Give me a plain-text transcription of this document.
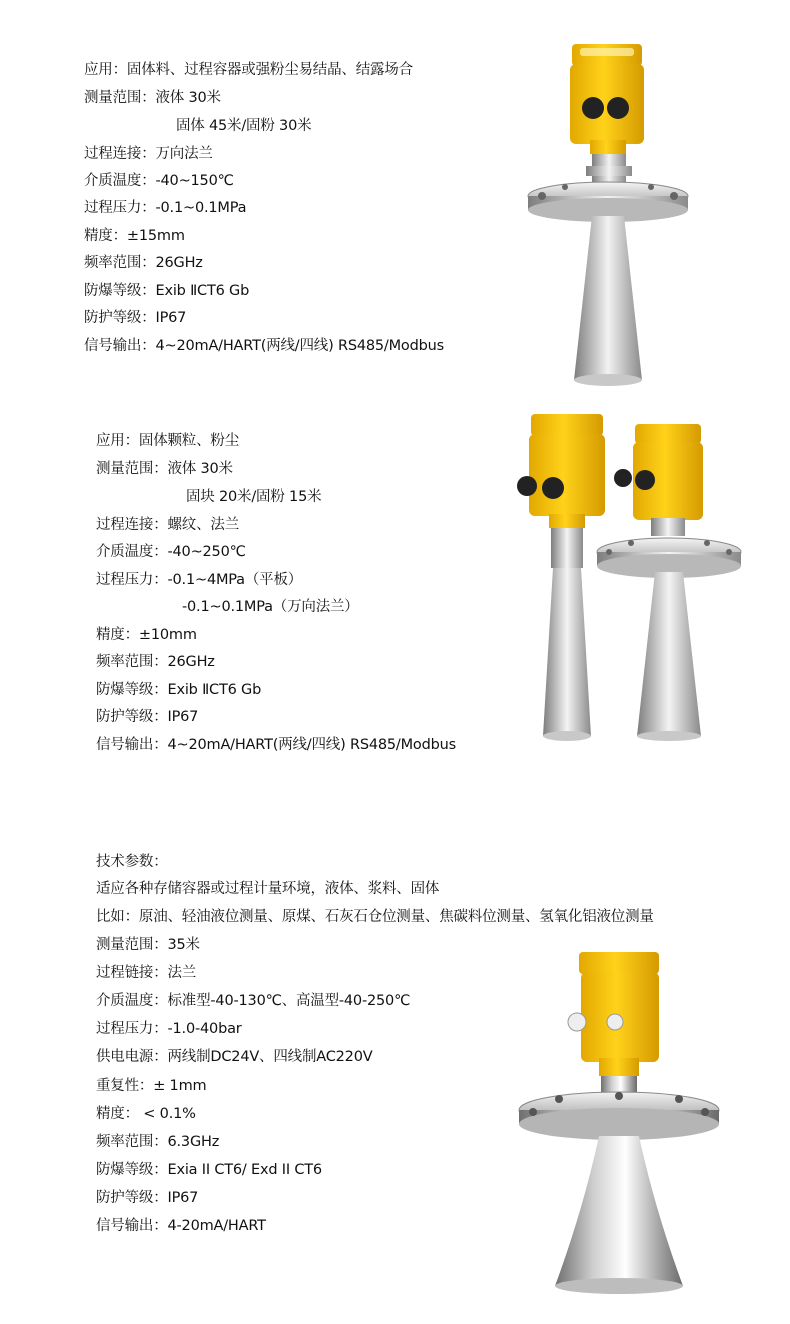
应用：固体料、过程容器或强粉尘易结晶、结露场合
测量范围：液体 30米
固体 45米/固粉 30米
过程连接：万向法兰
介质温度：-40~150℃
过程压力：-0.1~0.1MPa
精度：±15mm
频率范围：26GHz
防爆等级：Exib ⅡCT6 Gb
防护等级：IP67
信号输出：4~20mA/HART(两线/四线) RS485/Modbus
应用：固体颗粒、粉尘
测量范围：液体 30米
固块 20米/固粉 15米
过程连接：螺纹、法兰
介质温度：-40~250℃
过程压力：-0.1~4MPa（平板）
-0.1~0.1MPa（万向法兰）
精度：±10mm
频率范围：26GHz
防爆等级：Exib ⅡCT6 Gb
防护等级：IP67
信号输出：4~20mA/HART(两线/四线) RS485/Modbus
技术参数：
适应各种存储容器或过程计量环境，液体、浆料、固体
比如：原油、轻油液位测量、原煤、石灰石仓位测量、焦碳料位测量、氢氧化铝液位测量
测量范围：35米
过程链接：法兰
介质温度：标准型-40-130℃、高温型-40-250℃
过程压力：-1.0-40bar
供电电源：两线制DC24V、四线制AC220V
重复性：± 1mm
精度： < 0.1%
频率范围：6.3GHz
防爆等级：Exia II CT6/ Exd II CT6
防护等级：IP67
信号输出：4-20mA/HART
